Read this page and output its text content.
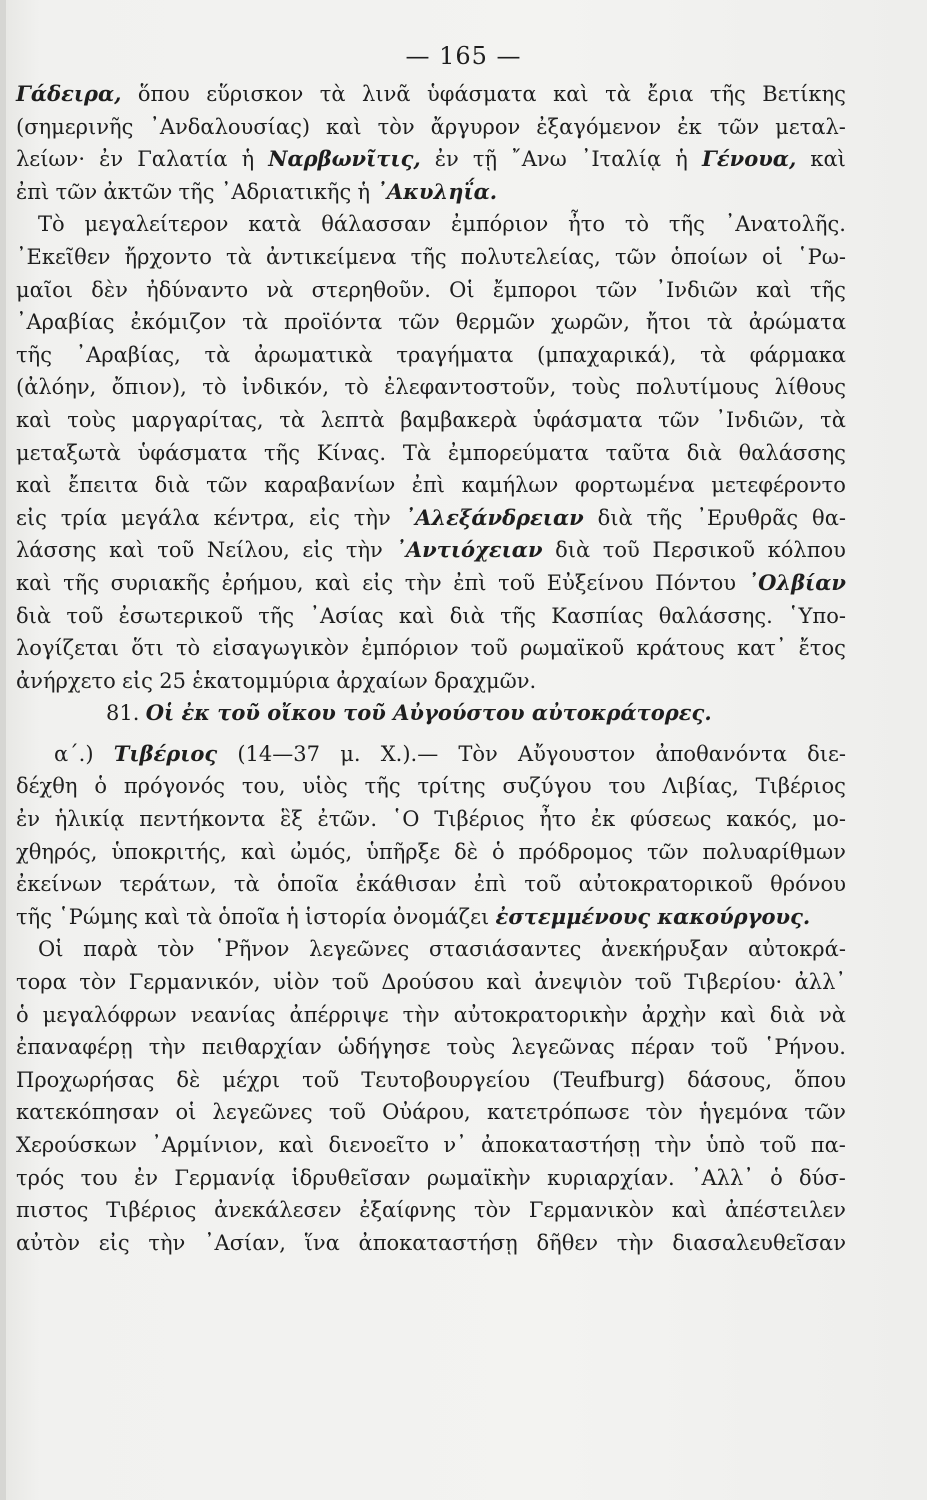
— 165 —
Γάδειρα, ὅπου εὕρισκον τὰ λινᾶ ὑφάσματα καὶ τὰ ἔρια τῆς Βετίκης
(σημερινῆς ᾽Ανδαλουσίας) καὶ τὸν ἄργυρον ἐξαγόμενον ἐκ τῶν μεταλ-
λείων· ἐν Γαλατία ἡ Ναρβωνῖτις, ἐν τῇ ῎Ανω ᾽Ιταλίᾳ ἡ Γένουα, καὶ
ἐπὶ τῶν ἀκτῶν τῆς ᾽Αδριατικῆς ἡ ᾽Ακυληΐα.
Τὸ μεγαλείτερον κατὰ θάλασσαν ἐμπόριον ἦτο τὸ τῆς ᾽Ανατολῆς.
᾽Εκεῖθεν ἤρχοντο τὰ ἀντικείμενα τῆς πολυτελείας, τῶν ὁποίων οἱ ῾Ρω-
μαῖοι δὲν ἠδύναντο νὰ στερηθοῦν. Οἱ ἔμποροι τῶν ᾽Ινδιῶν καὶ τῆς
᾽Αραβίας ἐκόμιζον τὰ προϊόντα τῶν θερμῶν χωρῶν, ἤτοι τὰ ἀρώματα
τῆς ᾽Αραβίας, τὰ ἀρωματικὰ τραγήματα (μπαχαρικά), τὰ φάρμακα
(ἀλόην, ὄπιον), τὸ ἰνδικόν, τὸ ἐλεφαντοστοῦν, τοὺς πολυτίμους λίθους
καὶ τοὺς μαργαρίτας, τὰ λεπτὰ βαμβακερὰ ὑφάσματα τῶν ᾽Ινδιῶν, τὰ
μεταξωτὰ ὑφάσματα τῆς Κίνας. Τὰ ἐμπορεύματα ταῦτα διὰ θαλάσσης
καὶ ἔπειτα διὰ τῶν καραβανίων ἐπὶ καμήλων φορτωμένα μετεφέροντο
εἰς τρία μεγάλα κέντρα, εἰς τὴν ᾽Αλεξάνδρειαν διὰ τῆς ᾽Ερυθρᾶς θα-
λάσσης καὶ τοῦ Νείλου, εἰς τὴν ᾽Αντιόχειαν διὰ τοῦ Περσικοῦ κόλπου
καὶ τῆς συριακῆς ἐρήμου, καὶ εἰς τὴν ἐπὶ τοῦ Εὐξείνου Πόντου ᾽Ολβίαν
διὰ τοῦ ἐσωτερικοῦ τῆς ᾽Ασίας καὶ διὰ τῆς Κασπίας θαλάσσης. ῾Υπο-
λογίζεται ὅτι τὸ εἰσαγωγικὸν ἐμπόριον τοῦ ρωμαϊκοῦ κράτους κατ᾽ ἔτος
ἀνήρχετο εἰς 25 ἑκατομμύρια ἀρχαίων δραχμῶν.
81. Οἱ ἐκ τοῦ οἴκου τοῦ Αὐγούστου αὐτοκράτορες.
α΄.) Τιβέριος (14—37 μ. Χ.).— Τὸν Αὔγουστον ἀποθανόντα διε-
δέχθη ὁ πρόγονός του, υἱὸς τῆς τρίτης συζύγου του Λιβίας, Τιβέριος
ἐν ἡλικίᾳ πεντήκοντα ἓξ ἐτῶν. ῾Ο Τιβέριος ἦτο ἐκ φύσεως κακός, μο-
χθηρός, ὑποκριτής, καὶ ὠμός, ὑπῆρξε δὲ ὁ πρόδρομος τῶν πολυαρίθμων
ἐκείνων τεράτων, τὰ ὁποῖα ἐκάθισαν ἐπὶ τοῦ αὐτοκρατορικοῦ θρόνου
τῆς ῾Ρώμης καὶ τὰ ὁποῖα ἡ ἱστορία ὀνομάζει ἐστεμμένους κακούργους.
Οἱ παρὰ τὸν ῾Ρῆνον λεγεῶνες στασιάσαντες ἀνεκήρυξαν αὐτοκρά-
τορα τὸν Γερμανικόν, υἱὸν τοῦ Δρούσου καὶ ἀνεψιὸν τοῦ Τιβερίου· ἀλλ᾽
ὁ μεγαλόφρων νεανίας ἀπέρριψε τὴν αὐτοκρατορικὴν ἀρχὴν καὶ διὰ νὰ
ἐπαναφέρῃ τὴν πειθαρχίαν ὡδήγησε τοὺς λεγεῶνας πέραν τοῦ ῾Ρήνου.
Προχωρήσας δὲ μέχρι τοῦ Τευτοβουργείου (Teufburg) δάσους, ὅπου
κατεκόπησαν οἱ λεγεῶνες τοῦ Οὐάρου, κατετρόπωσε τὸν ἡγεμόνα τῶν
Χερούσκων ᾽Αρμίνιον, καὶ διενοεῖτο ν᾽ ἀποκαταστήσῃ τὴν ὑπὸ τοῦ πα-
τρός του ἐν Γερμανίᾳ ἱδρυθεῖσαν ρωμαϊκὴν κυριαρχίαν. ᾽Αλλ᾽ ὁ δύσ-
πιστος Τιβέριος ἀνεκάλεσεν ἐξαίφνης τὸν Γερμανικὸν καὶ ἀπέστειλεν
αὐτὸν εἰς τὴν ᾽Ασίαν, ἵνα ἀποκαταστήσῃ δῆθεν τὴν διασαλευθεῖσαν
